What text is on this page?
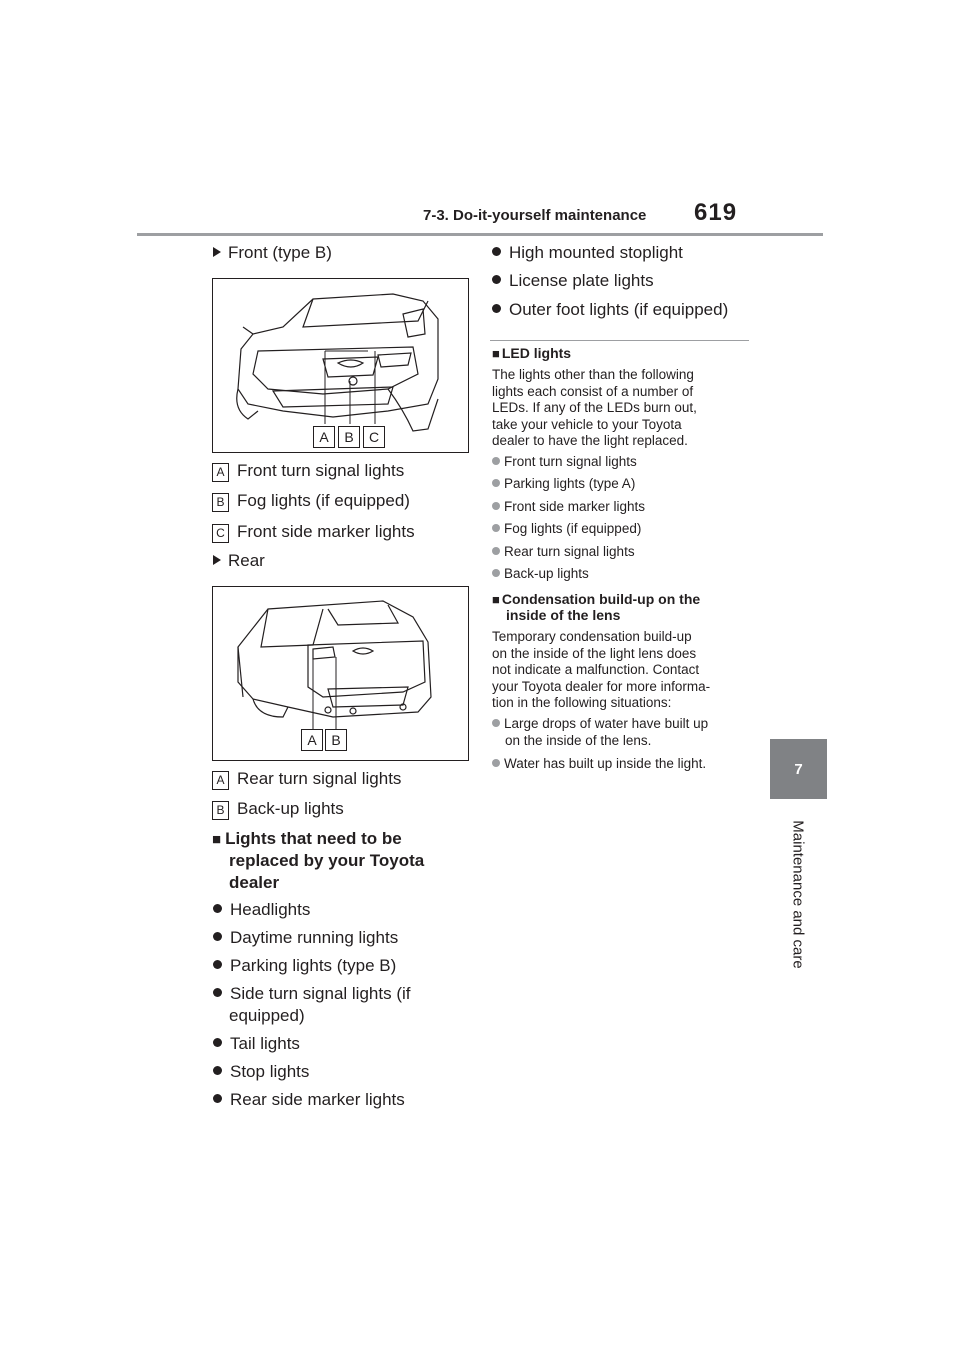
7-3. Do-it-yourself maintenance 619
7
Maintenance and care
Front (type B)
A	B	C
A Front turn signal lights
B Fog lights (if equipped)
C Front side marker lights
Rear
A	B
A Rear turn signal lights
B Back-up lights
■ Lights that need to be
replaced by your Toyota
dealer
Headlights
Daytime running lights
Parking lights (type B)
Side turn signal lights (if
equipped)
Tail lights
Stop lights
Rear side marker lights
High mounted stoplight
License plate lights
Outer foot lights (if equipped)
■ LED lights
The lights other than the following
lights each consist of a number of
LEDs. If any of the LEDs burn out,
take your vehicle to your Toyota
dealer to have the light replaced.
Front turn signal lights
Parking lights (type A)
Front side marker lights
Fog lights (if equipped)
Rear turn signal lights
Back-up lights
■ Condensation build-up on the
inside of the lens
Temporary condensation build-up
on the inside of the light lens does
not indicate a malfunction. Contact
your Toyota dealer for more informa-
tion in the following situations:
Large drops of water have built up
on the inside of the lens.
Water has built up inside the light.
